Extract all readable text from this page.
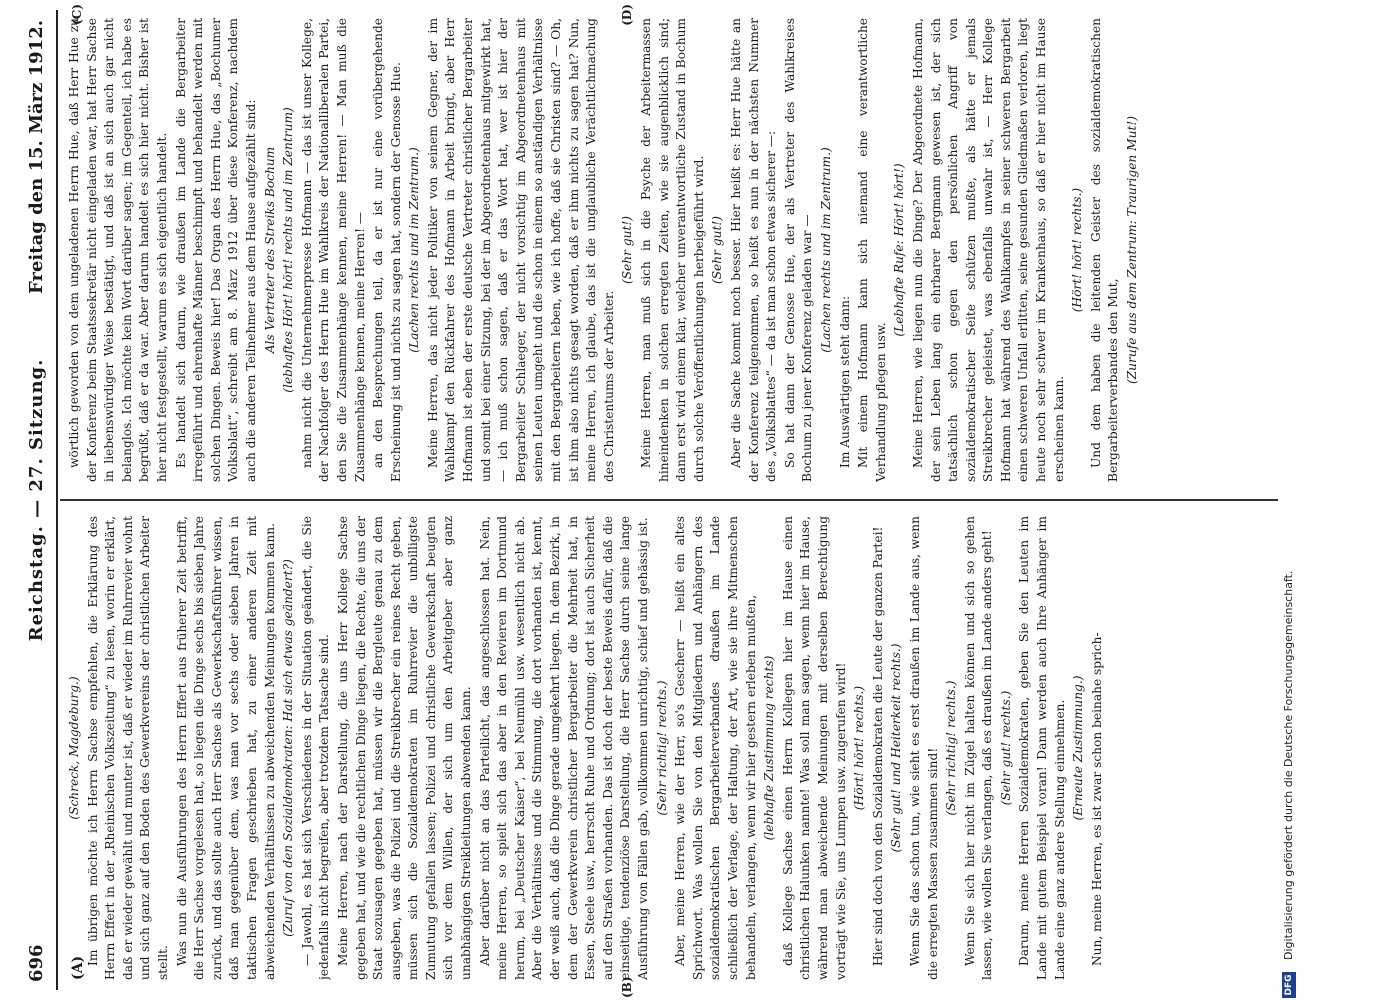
696
Reichstag. — 27. Sitzung.
Freitag den 15. März 1912.
(A)
(B)
(C)	(D)

(Schreck, Magdeburg.) Im übrigen möchte ich Herrn Sachse empfehlen, die Erklärung des Herrn Effert in der „Rheinischen Volkszeitung“ zu lesen, worin er erklärt, daß er wieder gewählt und munter ist, daß er wieder im Ruhrrevier wohnt und sich ganz auf den Boden des Gewerkvereins der christlichen Arbeiter stellt. Was nun die Ausführungen des Herrn Effert aus früherer Zeit betrifft, die Herr Sachse vorgelesen hat, so liegen die Dinge sechs bis sieben Jahre zurück, und das sollte auch Herr Sachse als Gewerkschaftsführer wissen, daß man gegenüber dem, was man vor sechs oder sieben Jahren in taktischen Fragen geschrieben hat, zu einer anderen Zeit mit abweichenden Verhältnissen zu abweichenden Meinungen kommen kann. (Zuruf von den Sozialdemokraten: Hat sich etwas geändert?) — Jawohl, es hat sich Verschiedenes in der Situation geändert, die Sie jedenfalls nicht begreifen, aber trotzdem Tatsache sind. Meine Herren, nach der Darstellung, die uns Herr Kollege Sachse gegeben hat, und wie die rechtlichen Dinge liegen, die Rechte, die uns der Staat sozusagen gegeben hat, müssen wir die Bergleute genau zu dem ausgeben, was die Polizei und die Streikbrecher ein reines Recht geben, müssen sich die Sozialdemokraten im Ruhrrevier die unbilligste Zumutung gefallen lassen; Polizei und christliche Gewerkschaft beugten sich vor dem Willen, der sich um den Arbeitgeber aber ganz unabhängigen Streikleitungen abwenden kann. Aber darüber nicht an das Parteilicht, das angeschlossen hat. Nein, meine Herren, so spielt sich das aber in den Revieren im Dortmund herum, bei „Deutscher Kaiser“, bei Neumühl usw. wesentlich nicht ab. Aber die Verhältnisse und die Stimmung, die dort vorhanden ist, kennt, der weiß auch, daß die Dinge gerade umgekehrt liegen. In dem Bezirk, in dem der Gewerkverein christlicher Bergarbeiter die Mehrheit hat, in Essen, Steele usw., herrscht Ruhe und Ordnung; dort ist auch Sicherheit auf den Straßen vorhanden. Das ist doch der beste Beweis dafür, daß die einseitige, tendenziöse Darstellung, die Herr Sachse durch seine lange Ausführung von Fällen gab, vollkommen unrichtig, schief und gehässig ist. (Sehr richtig! rechts.) Aber, meine Herren, wie der Herr, so's Gescherr — heißt ein altes Sprichwort. Was wollen Sie von den Mitgliedern und Anhängern des sozialdemokratischen Bergarbeiterverbandes draußen im Lande schließlich der Verlage, der Haltung, der Art, wie sie ihre Mitmenschen behandeln, verlangen, wenn wir hier gestern erleben mußten, (lebhafte Zustimmung rechts) daß Kollege Sachse einen Herrn Kollegen hier im Hause einen christlichen Halunken nannte! Was soll man sagen, wenn hier im Hause, während man abweichende Meinungen mit derselben Berechtigung vorträgt wie Sie, uns Lumpen usw. zugerufen wird! (Hört! hört! rechts.) Hier sind doch von den Sozialdemokraten die Leute der ganzen Partei! (Sehr gut! und Heiterkeit rechts.) Wenn Sie das schon tun, wie sieht es erst draußen im Lande aus, wenn die erregten Massen zusammen sind! (Sehr richtig! rechts.) Wenn Sie sich hier nicht im Zügel halten können und sich so gehen lassen, wie wollen Sie verlangen, daß es draußen im Lande anders geht! (Sehr gut! rechts.) Darum, meine Herren Sozialdemokraten, geben Sie den Leuten im Lande mit gutem Beispiel voran! Dann werden auch Ihre Anhänger im Lande eine ganz andere Stellung einnehmen. (Erneute Zustimmung.) Nun, meine Herren, es ist zwar schon beinahe sprich-

wörtlich geworden von dem ungeladenen Herrn Hue, daß Herr Hue zu der Konferenz beim Staatssekretär nicht eingeladen war, hat Herr Sachse in liebenswürdiger Weise bestätigt, und daß ist an sich auch gar nicht belanglos. Ich möchte kein Wort darüber sagen; im Gegenteil, ich habe es begrüßt, daß er da war. Aber darum handelt es sich hier nicht. Bisher ist hier nicht festgestellt, warum es sich eigentlich handelt. Es handelt sich darum, wie draußen im Lande die Bergarbeiter irregeführt und ehrenhafte Männer beschimpft und behandelt werden mit solchen Dingen. Beweis hier! Das Organ des Herrn Hue, das „Bochumer Volksblatt“, schreibt am 8. März 1912 über diese Konferenz, nachdem auch die anderen Teilnehmer aus dem Hause aufgezählt sind: Als Vertreter des Streiks Bochum (lebhaftes Hört! hört! rechts und im Zentrum) nahm nicht die Unternehmerpresse Hofmann — das ist unser Kollege, der Nachfolger des Herrn Hue im Wahlkreis der Nationalliberalen Partei, den Sie die Zusammenhänge kennen, meine Herren! — Man muß die Zusammenhänge kennen, meine Herren! — an den Besprechungen teil, da er ist nur eine vorübergehende Erscheinung ist und nichts zu sagen hat, sondern der Genosse Hue. (Lachen rechts und im Zentrum.) Meine Herren, das nicht jeder Politiker von seinem Gegner, der im Wahlkampf den Rückfahrer des Hofmann in Arbeit bringt, aber Herr Hofmann ist eben der erste deutsche Vertreter christlicher Bergarbeiter und somit bei einer Sitzung, bei der im Abgeordnetenhaus mitgewirkt hat, — ich muß schon sagen, daß er das Wort hat, wer ist hier der Bergarbeiter Schlaeger, der nicht vorsichtig im Abgeordnetenhaus mit seinen Leuten umgeht und die schon in einem so anständigen Verhältnisse mit den Bergarbeitern leben, wie ich hoffe, daß sie Christen sind? — Oh, ist ihm also nichts gesagt worden, daß er ihm nichts zu sagen hat? Nun, meine Herren, ich glaube, das ist die unglaubliche Verächtlichmachung des Christentums der Arbeiter.

(Sehr gut!) Meine Herren, man muß sich in die Psyche der Arbeitermassen hineindenken in solchen erregten Zeiten, wie sie augenblicklich sind; dann erst wird einem klar, welcher unverantwortliche Zustand in Bochum durch solche Veröffentlichungen herbeigeführt wird. (Sehr gut!) Aber die Sache kommt noch besser. Hier heißt es: Herr Hue hätte an der Konferenz teilgenommen, so heißt es nun in der nächsten Nummer des „Volksblattes“ — da ist man schon etwas sicherer —: So hat dann der Genosse Hue, der als Vertreter des Wahlkreises Bochum zu jener Konferenz geladen war — (Lachen rechts und im Zentrum.)

Im Auswärtigen steht dann: Mit einem Hofmann kann sich niemand eine verantwortliche Verhandlung pflegen usw.

(Lebhafte Rufe: Hört! hört!) Meine Herren, wie liegen nun die Dinge? Der Abgeordnete Hofmann, der sein Leben lang ein ehrbarer Bergmann gewesen ist, der sich tatsächlich schon gegen den persönlichen Angriff von sozialdemokratischer Seite schützen mußte, als hätte er jemals Streikbrecher geleistet, was ebenfalls unwahr ist, — Herr Kollege Hofmann hat während des Wahlkampfes in seiner schweren Bergarbeit einen schweren Unfall erlitten, seine gesunden Gliedmaßen verloren, liegt heute noch sehr schwer im Krankenhaus, so daß er hier nicht im Hause erscheinen kann.

(Hört! hört! rechts.) Und dem haben die leitenden Geister des sozialdemokratischen Bergarbeiterverbandes den Mut, (Zurufe aus dem Zentrum: Traurigen Mut!)

DFG
Digitalisierung gefördert durch die Deutsche Forschungsgemeinschaft.
